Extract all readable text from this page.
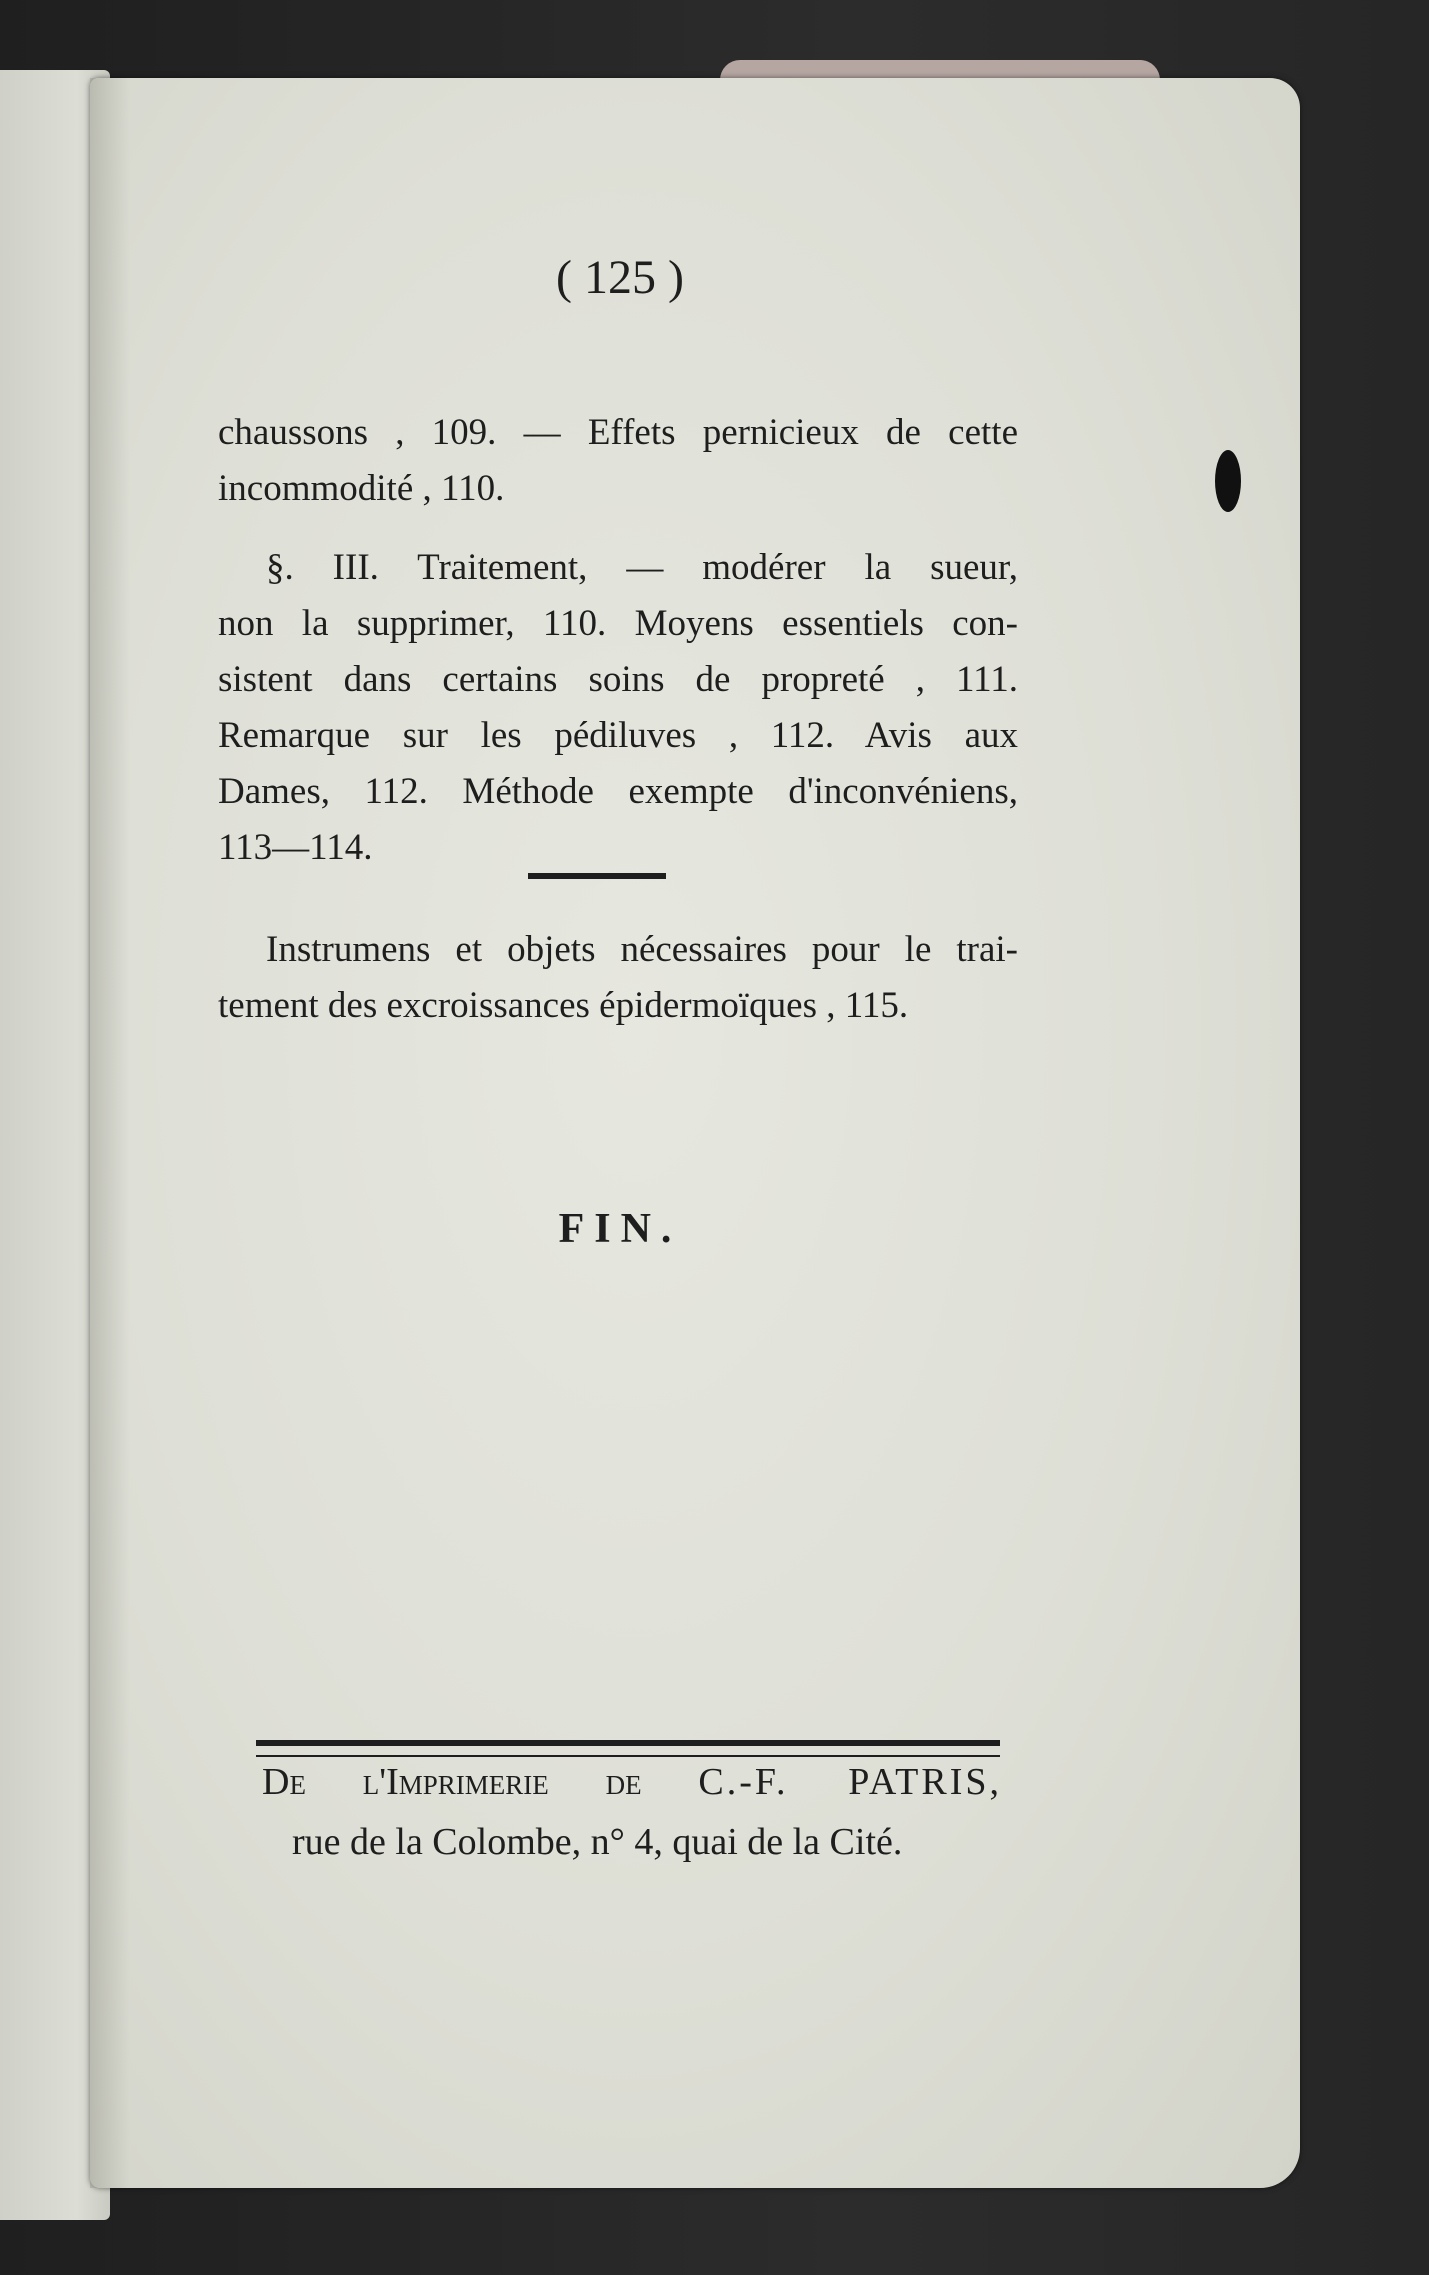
( 125 )
chaussons , 109. — Effets pernicieux de cette
incommodité , 110.
§. III. Traitement, — modérer la sueur,
non la supprimer, 110. Moyens essentiels con-
sistent dans certains soins de propreté , 111.
Remarque sur les pédiluves , 112. Avis aux
Dames, 112. Méthode exempte d'inconvéniens,
113—114.
Instrumens et objets nécessaires pour le trai-
tement des excroissances épidermoïques , 115.
FIN.
De l'Imprimerie de C.-F. PATRIS,
rue de la Colombe, n° 4, quai de la Cité.
